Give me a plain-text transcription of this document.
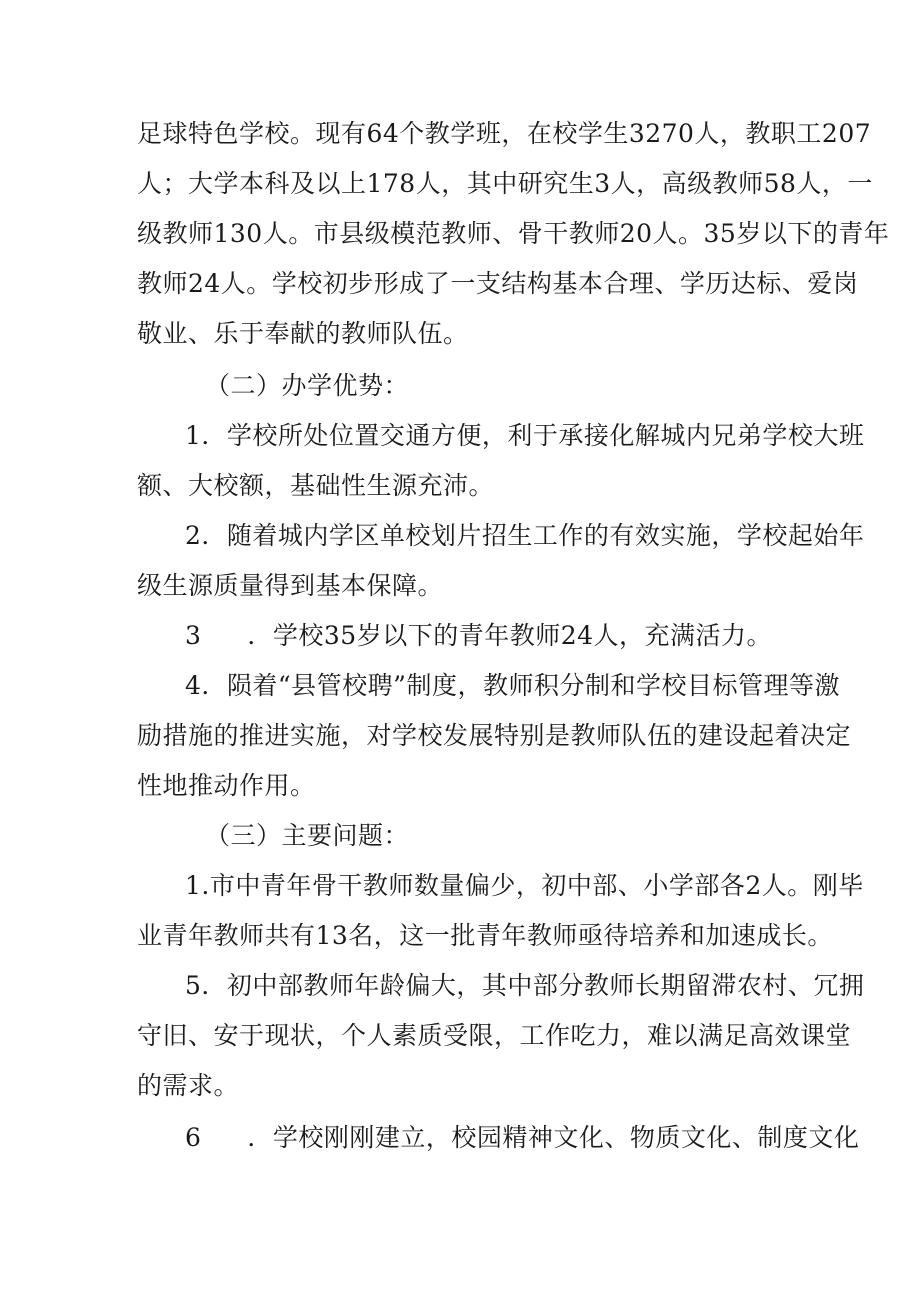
足球特色学校。现有64个教学班，在校学生3270人，教职工207
人；大学本科及以上178人，其中研究生3人，高级教师58人，一
级教师130人。市县级模范教师、骨干教师20人。35岁以下的青年
教师24人。学校初步形成了一支结构基本合理、学历达标、爱岗
敬业、乐于奉献的教师队伍。
（二）办学优势：
1．学校所处位置交通方便，利于承接化解城内兄弟学校大班
额、大校额，基础性生源充沛。
2．随着城内学区单校划片招生工作的有效实施，学校起始年
级生源质量得到基本保障。
3 ．学校35岁以下的青年教师24人，充满活力。
4．陨着“县管校聘”制度，教师积分制和学校目标管理等激
励措施的推进实施，对学校发展特别是教师队伍的建设起着决定
性地推动作用。
（三）主要问题：
1.市中青年骨干教师数量偏少，初中部、小学部各2人。刚毕
业青年教师共有13名，这一批青年教师亟待培养和加速成长。
5．初中部教师年龄偏大，其中部分教师长期留滞农村、冗拥
守旧、安于现状，个人素质受限，工作吃力，难以满足高效课堂
的需求。
6 ．学校刚刚建立，校园精神文化、物质文化、制度文化
